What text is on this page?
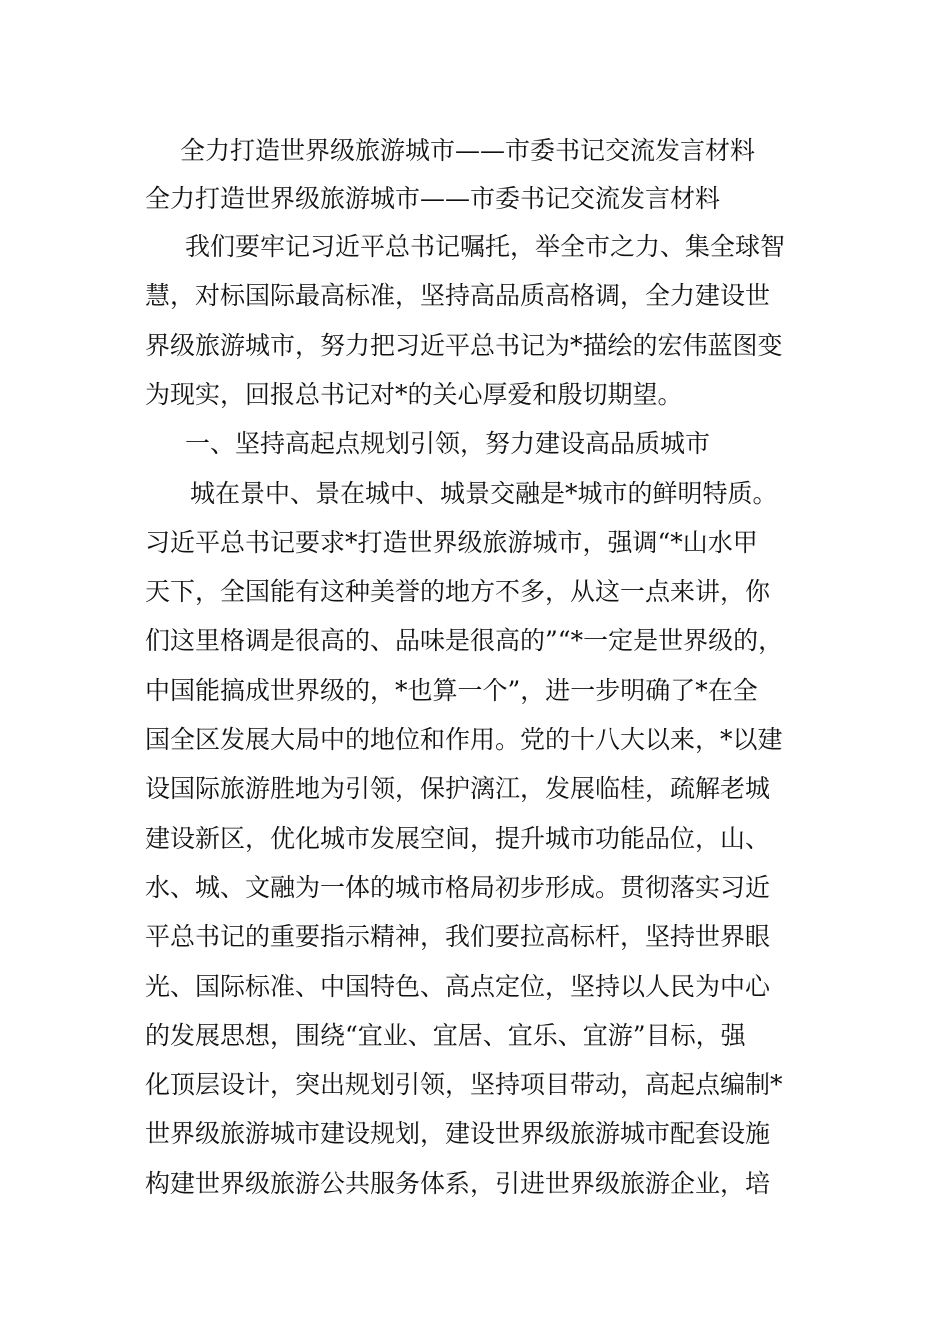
全力打造世界级旅游城市——市委书记交流发言材料
全力打造世界级旅游城市——市委书记交流发言材料
我们要牢记习近平总书记嘱托，举全市之力、集全球智
慧，对标国际最高标准，坚持高品质高格调，全力建设世
界级旅游城市，努力把习近平总书记为*描绘的宏伟蓝图变
为现实，回报总书记对*的关心厚爱和殷切期望。
一、坚持高起点规划引领，努力建设高品质城市
城在景中、景在城中、城景交融是*城市的鲜明特质。
习近平总书记要求*打造世界级旅游城市，强调“*山水甲
天下，全国能有这种美誉的地方不多，从这一点来讲，你
们这里格调是很高的、品味是很高的”“*一定是世界级的，
中国能搞成世界级的，*也算一个”，进一步明确了*在全
国全区发展大局中的地位和作用。党的十八大以来，*以建
设国际旅游胜地为引领，保护漓江，发展临桂，疏解老城
建设新区，优化城市发展空间，提升城市功能品位，山、
水、城、文融为一体的城市格局初步形成。贯彻落实习近
平总书记的重要指示精神，我们要拉高标杆，坚持世界眼
光、国际标准、中国特色、高点定位，坚持以人民为中心
的发展思想，围绕“宜业、宜居、宜乐、宜游”目标，强
化顶层设计，突出规划引领，坚持项目带动，高起点编制*
世界级旅游城市建设规划，建设世界级旅游城市配套设施
构建世界级旅游公共服务体系，引进世界级旅游企业，培
